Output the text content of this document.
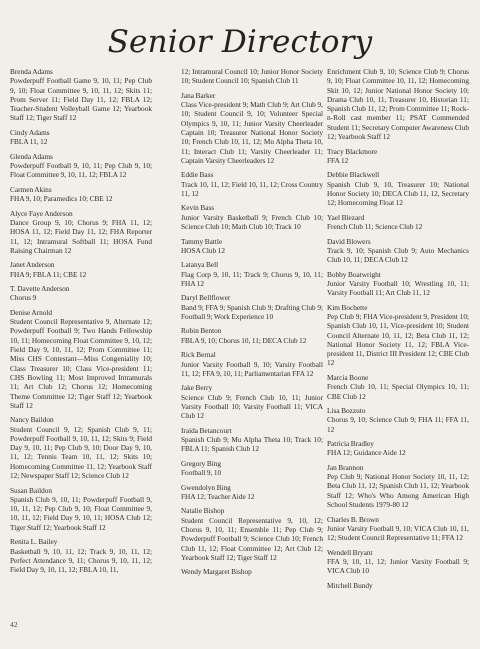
Senior Directory
Brenda Adams
Powderpuff Football Game 9, 10, 11; Pep Club 9, 10; Float Committee 9, 10, 11, 12; Skits 11; Prom Server 11; Field Day 11, 12; FBLA 12; Teacher-Student Volleyball Game 12; Yearbook Staff 12; Tiger Staff 12
Cindy Adams
FBLA 11, 12
Glenda Adams
Powderpuff Football 9, 10, 11; Pep Club 9, 10; Float Committee 9, 10, 11, 12; FBLA 12
Carmen Akins
FHA 9, 10; Paramedics 10; CBE 12
Alyce Faye Anderson
Dance Group 9, 10; Chorus 9; FHA 11, 12; HOSA 11, 12; Field Day 11, 12; FHA Reporter 11, 12; Intramural Softball 11; HOSA Fund Raising Chairman 12
Janet Anderson
FHA 9; FBLA 11; CBE 12
T. Davette Anderson
Chorus 9
Denise Arnold
Student Council Representative 9, Alternate 12; Powderpuff Football 9; Two Hands Fellowship 10, 11; Homecoming Float Committee 9, 10, 12; Field Day 9, 10, 11, 12; Prom Committee 11; Miss CHS Contestant—Miss Congeniality 10; Class Treasurer 10; Class Vice-president 11; CHS Bowling 11; Most Improved Intramurals 11; Art Club 12; Chorus 12; Homecoming Theme Committee 12; Tiger Staff 12; Yearbook Staff 12
Nancy Baildon
Student Council 9, 12; Spanish Club 9, 11; Powderpuff Football 9, 10, 11, 12; Skits 9; Field Day 9, 10, 11; Pep Club 9, 10; Door Day 9, 10, 11, 12; Tennis Team 10, 11, 12; Skits 10; Homecoming Committee 11, 12; Yearbook Staff 12; Newspaper Staff 12; Science Club 12
Susan Baildon
Spanish Club 9, 10, 11; Powderpuff Football 9, 10, 11, 12; Pep Club 9, 10; Float Committee 9, 10, 11, 12; Field Day 9, 10, 11; HOSA Club 12; Tiger Staff 12; Yearbook Staff 12
Renita L. Bailey
Basketball 9, 10, 11, 12; Track 9, 10, 11, 12; Perfect Attendance 9, 11; Chorus 9, 10, 11, 12; Field Day 9, 10, 11, 12; FBLA 10, 11,
12; Intramural Council 10; Junior Honor Society 10; Student Council 10; Spanish Club 11
Jana Barker
Class Vice-president 9; Math Club 9; Art Club 9, 10; Student Council 9, 10; Volunteer Special Olympics 9, 10, 11; Junior Varsity Cheerleader Captain 10; Treasurer National Honor Society 10; French Club 10, 11, 12; Mu Alpha Theta 10, 11; Interact Club 11; Varsity Cheerleader 11; Captain Varsity Cheerleaders 12
Eddie Bass
Track 10, 11, 12; Field 10, 11, 12; Cross Country 11, 12
Kevin Bass
Junior Varsity Basketball 9; French Club 10; Science Club 10; Math Club 10; Track 10
Tammy Battle
HOSA Club 12
Latanya Bell
Flag Corp 9, 10, 11; Track 9; Chorus 9, 10, 11; FHA 12
Daryl Bellflower
Band 9; FFA 9; Spanish Club 9; Drafting Club 9; Football 9; Work Experience 10
Robin Benton
FBLA 9, 10; Chorus 10, 11; DECA Club 12
Rick Bernal
Junior Varsity Football 9, 10; Varsity Football 11, 12; FFA 9, 10, 11; Parliamentarian FFA 12
Jake Berry
Science Club 9; French Club 10, 11; Junior Varsity Football 10; Varsity Football 11; VICA Club 12
Iraida Betancourt
Spanish Club 9; Mu Alpha Theta 10; Track 10; FBLA 11; Spanish Club 12
Gregory Bing
Football 9, 10
Gwendolyn Bing
FHA 12; Teacher Aide 12
Natalie Bishop
Student Council Representative 9, 10, 12; Chorus 9, 10, 11; Ensemble 11; Pep Club 9; Powderpuff Football 9; Science Club 10; French Club 11, 12; Float Committee 12; Art Club 12; Yearbook Staff 12; Tiger Staff 12
Wendy Margaret Bishop
Enrichment Club 9, 10; Science Club 9; Chorus 9, 10; Float Committee 10, 11, 12; Homecoming Skit 10, 12; Junior National Honor Society 10; Drama Club 10, 11, Treasurer 10, Historian 11; Spanish Club 11, 12; Prom Committee 11; Rock-n-Roll cast member 11; PSAT Commended Student 11; Secretary Computer Awareness Club 12; Yearbook Staff 12
Tracy Blackmore
FFA 12
Debbie Blackwell
Spanish Club 9, 10, Treasurer 10; National Honor Society 10; DECA Club 11, 12, Secretary 12; Homecoming Float 12
Yael Blezard
French Club 11; Science Club 12
David Blowers
Track 9, 10; Spanish Club 9; Auto Mechanics Club 10, 11; DECA Club 12
Bobby Boatwright
Junior Varsity Football 10; Wrestling 10, 11; Varsity Football 11; Art Club 11, 12
Kim Bochette
Pep Club 9; FHA Vice-president 9, President 10; Spanish Club 10, 11, Vice-president 10; Student Council Alternate 10, 11, 12; Beta Club 11, 12; National Honor Society 11, 12; FBLA Vice-president 11, District III President 12; CBE Club 12
Marcia Boone
French Club 10, 11; Special Olympics 10, 11; CBE Club 12
Lisa Bozzuto
Chorus 9, 10; Science Club 9; FHA 11; FFA 11, 12
Patricia Bradley
FHA 12; Guidance Aide 12
Jan Brannon
Pep Club 9; National Honor Society 10, 11, 12; Beta Club 11, 12; Spanish Club 11, 12; Yearbook Staff 12; Who's Who Among American High School Students 1979-80 12
Charles B. Brown
Junior Varsity Football 9, 10; VICA Club 10, 11, 12; Student Council Representative 11; FFA 12
Wendell Bryant
FFA 9, 10, 11, 12; Junior Varsity Football 9; VICA Club 10
Mitchell Bundy
42
